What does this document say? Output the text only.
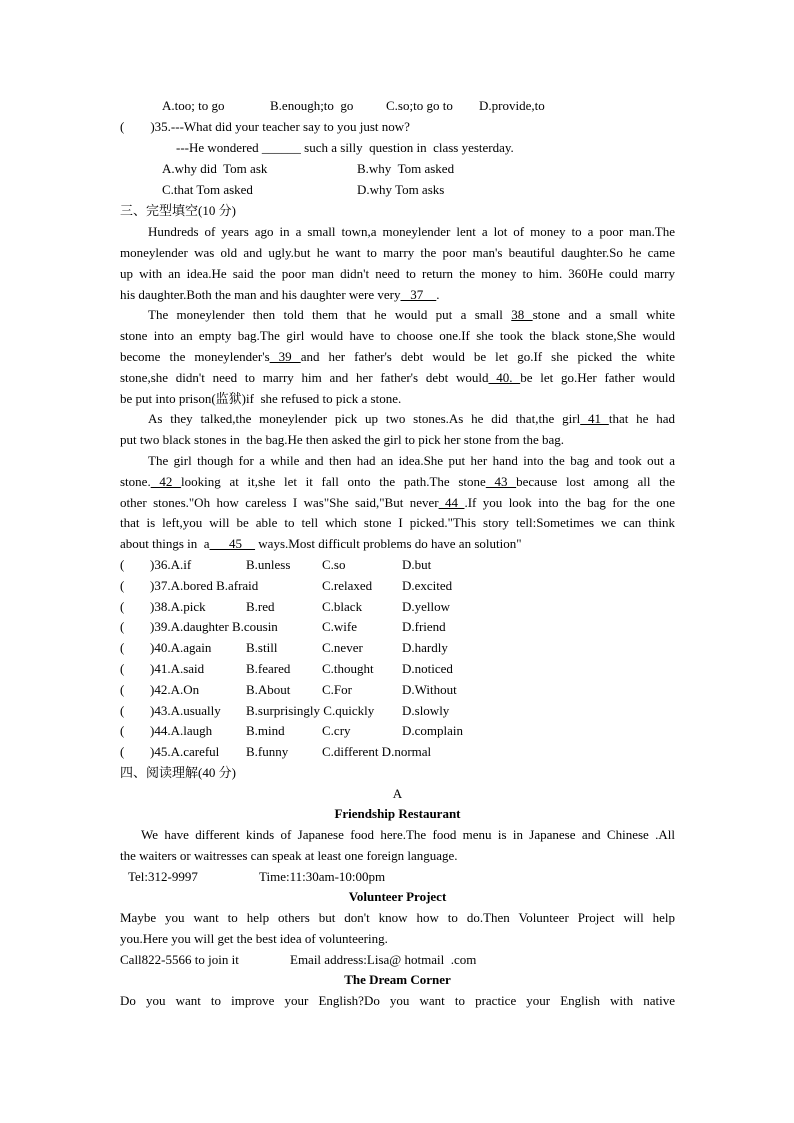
A.too; to go

	B.enough;to  go

	C.so;to go to

D.provide,to

(        )35.---What did your teacher say to you just now?
---He wondered ______ such a silly  question in  class yesterday.

A.why did  Tom ask

	B.why  Tom asked

C.that Tom asked

	D.why Tom asks

三、完型填空(10 分)
Hundreds of years ago in a small town,a moneylender lent a lot of money to a poor man.The
moneylender was old and ugly.but he want to marry the poor man's beautiful daughter.So he came
up with an idea.He said the poor man didn't need to return the money to him. 360He could marry
his daughter.Both the man and his daughter were very   37    .
The moneylender then told them that he would put a small 38 stone and a small white
stone into an empty bag.The girl would have to choose one.If she took the black stone,She would
become the moneylender's 39 and her father's debt would be let go.If she picked the white
stone,she didn't need to marry him and her father's debt would 40. be let go.Her father would
be put into prison(监狱)if  she refused to pick a stone.
As they talked,the moneylender pick up two stones.As he did that,the girl 41 that he had
put two black stones in  the bag.He then asked the girl to pick her stone from the bag.
The girl though for a while and then had an idea.She put her hand into the bag and took out a
stone. 42 looking at it,she let it fall onto the path.The stone 43 because lost among all the
other stones."Oh how careless I was"She said,"But never 44 .If you look into the bag for the one
that is left,you will be able to tell which stone I picked."This story tell:Sometimes we can think
about things in  a      45     ways.Most difficult problems do have an solution"
( )36.A.if	B.unless C.so	D.but
( )37.A.bored B.afraid	C.relaxed D.excited
( )38.A.pick	B.red	C.black	D.yellow
( )39.A.daughter B.cousin	C.wife	D.friend
( )40.A.again	B.still	C.never	D.hardly
( )41.A.said	B.feared C.thought D.noticed
( )42.A.On	B.About C.For	D.Without
( )43.A.usually B.surprisingly C.quickly D.slowly
( )44.A.laugh	B.mind	C.cry	D.complain
( )45.A.careful B.funny	C.different D.normal
四、阅读理解(40 分)
A
Friendship Restaurant
We have different kinds of Japanese food here.The food menu is in Japanese and Chinese .All
the waiters or waitresses can speak at least one foreign language.

Tel:312-9997

	Time:11:30am-10:00pm

Volunteer Project
Maybe you want to help others but don't know how to do.Then Volunteer Project will help
you.Here you will get the best idea of volunteering.

Call822-5566 to join it

	Email address:Lisa@ hotmail  .com

The Dream Corner
Do you want to improve your English?Do you want to practice your English with native
